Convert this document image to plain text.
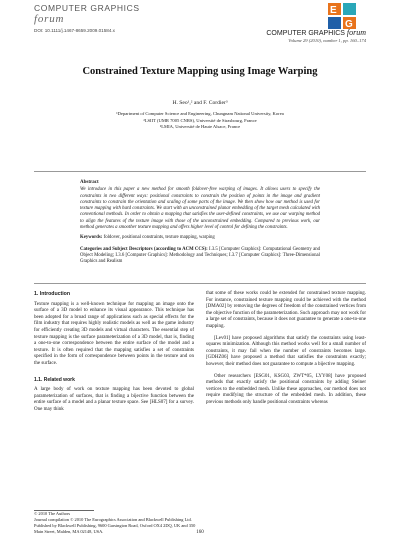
COMPUTER GRAPHICS
forum
DOI: 10.1111/j.1467-8659.2009.01584.x
E
G
COMPUTER GRAPHICS forum
Volume 29 (2010), number 1, pp. 160–174
Constrained Texture Mapping using Image Warping
H. Seo¹,² and F. Cordier³
¹Department of Computer Science and Engineering, Chungnam National University, Korea
²LSIIT (UMR 7005 CNRS), Université de Strasbourg, France
³LMIA, Université de Haute Alsace, France
Abstract
We introduce in this paper a new method for smooth foldover-free warping of images. It allows users to specify the constraints in two different ways: positional constraints to constrain the position of points in the image and gradient constraints to constrain the orientation and scaling of some parts of the image. We then show how our method is used for texture mapping with hard constraints. We start with an unconstrained planar embedding of the target mesh calculated with conventional methods. In order to obtain a mapping that satisfies the user-defined constraints, we use our warping method to align the features of the texture image with those of the unconstrained embedding. Compared to previous work, our method generates a smoother texture mapping and offers higher level of control for defining the constraints.
Keywords: foldover, positional constraints, texture mapping, warping
Categories and Subject Descriptors (according to ACM CCS): I.3.5 [Computer Graphics]: Computational Geometry and Object Modeling; I.3.6 [Computer Graphics]: Methodology and Techniques; I.3.7 [Computer Graphics]: Three-Dimensional Graphics and Realism
1. Introduction
Texture mapping is a well-known technique for mapping an image onto the surface of a 3D model to enhance its visual appearance. This technique has been adopted for a broad range of applications such as special effects for the film industry that requires highly realistic models as well as the game industry for efficiently creating 3D models and virtual characters. The essential step of texture mapping is the surface parameterization of a 3D model, that is, finding a one-to-one correspondence between the entire surface of the model and a texture. It is often required that the mapping satisfies a set of constraints specified in the form of correspondence between points in the texture and on the surface.
1.1. Related work
A large body of work on texture mapping has been devoted to global parameterization of surfaces, that is finding a bijective function between the entire surface of a model and a planar texture space. See [HLS07] for a survey. One may think
that some of these works could be extended for constrained texture mapping. For instance, constrained texture mapping could be achieved with the method [DMA02] by removing the degrees of freedom of the constrained vertices from the objective function of the parameterization. Such approach may not work for a large set of constraints, because it does not guarantee to generate a one-to-one mapping.
[Lev01] have proposed algorithms that satisfy the constraints using least-squares minimization. Although this method works well for a small number of constraints, it may fail when the number of constraints becomes large. [GDHZ06] have proposed a method that satisfies the constraints exactly; however, their method does not guarantee to compute a bijective mapping.
Other researchers [ESG01, KSG03, ZWT*05, LYY08] have proposed methods that exactly satisfy the positional constraints by adding Steiner vertices to the embedded mesh. Unlike these approaches, our method does not require modifying the structure of the embedded mesh. In addition, these previous methods only handle positional constraints whereas
© 2010 The Authors
Journal compilation © 2010 The Eurographics Association and Blackwell Publishing Ltd. Published by Blackwell Publishing, 9600 Garsington Road, Oxford OX4 2DQ, UK and 350 Main Street, Malden, MA 02148, USA.	160
